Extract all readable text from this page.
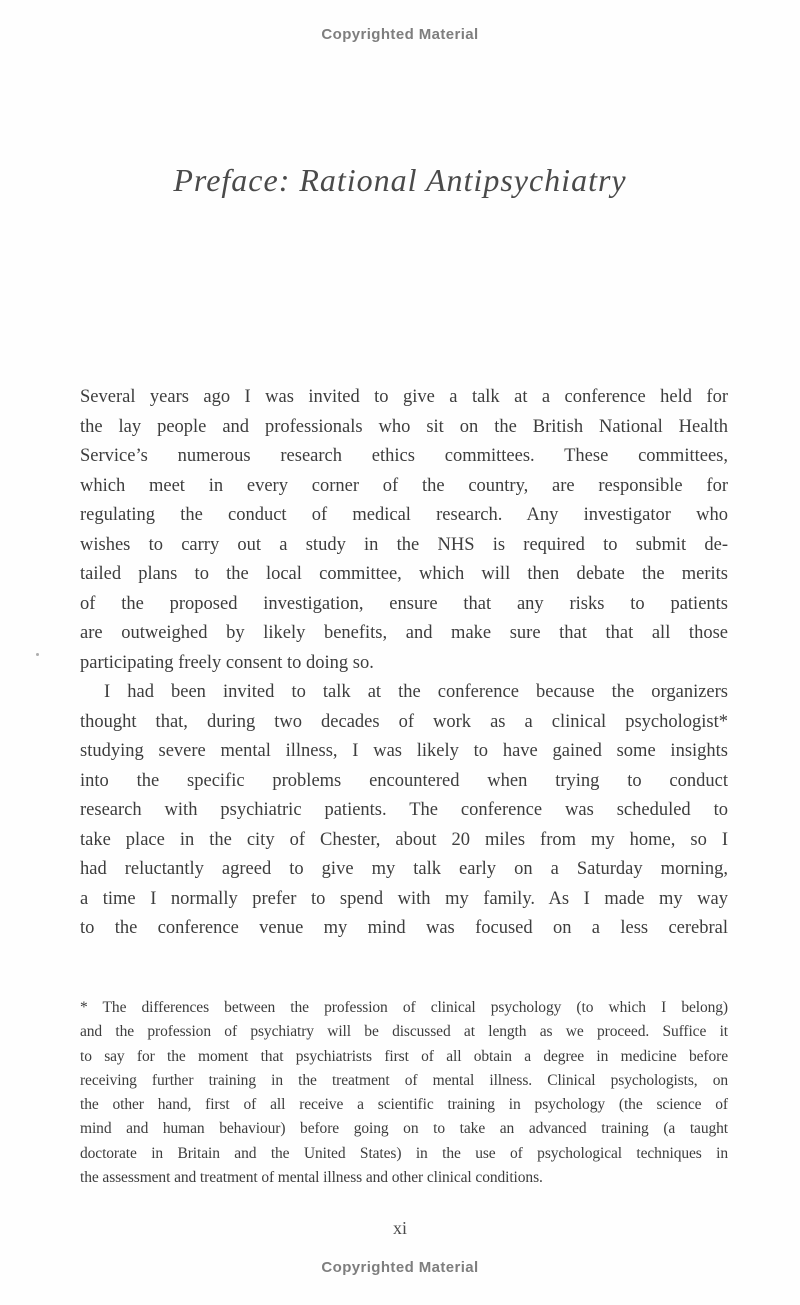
Copyrighted Material
Preface: Rational Antipsychiatry
Several years ago I was invited to give a talk at a conference held for
the lay people and professionals who sit on the British National Health
Service’s numerous research ethics committees. These committees,
which meet in every corner of the country, are responsible for
regulating the conduct of medical research. Any investigator who
wishes to carry out a study in the NHS is required to submit de-
tailed plans to the local committee, which will then debate the merits
of the proposed investigation, ensure that any risks to patients
are outweighed by likely benefits, and make sure that that all those
participating freely consent to doing so.
I had been invited to talk at the conference because the organizers
thought that, during two decades of work as a clinical psychologist*
studying severe mental illness, I was likely to have gained some insights
into the specific problems encountered when trying to conduct
research with psychiatric patients. The conference was scheduled to
take place in the city of Chester, about 20 miles from my home, so I
had reluctantly agreed to give my talk early on a Saturday morning,
a time I normally prefer to spend with my family. As I made my way
to the conference venue my mind was focused on a less cerebral
* The differences between the profession of clinical psychology (to which I belong)
and the profession of psychiatry will be discussed at length as we proceed. Suffice it
to say for the moment that psychiatrists first of all obtain a degree in medicine before
receiving further training in the treatment of mental illness. Clinical psychologists, on
the other hand, first of all receive a scientific training in psychology (the science of
mind and human behaviour) before going on to take an advanced training (a taught
doctorate in Britain and the United States) in the use of psychological techniques in
the assessment and treatment of mental illness and other clinical conditions.
xi
Copyrighted Material
